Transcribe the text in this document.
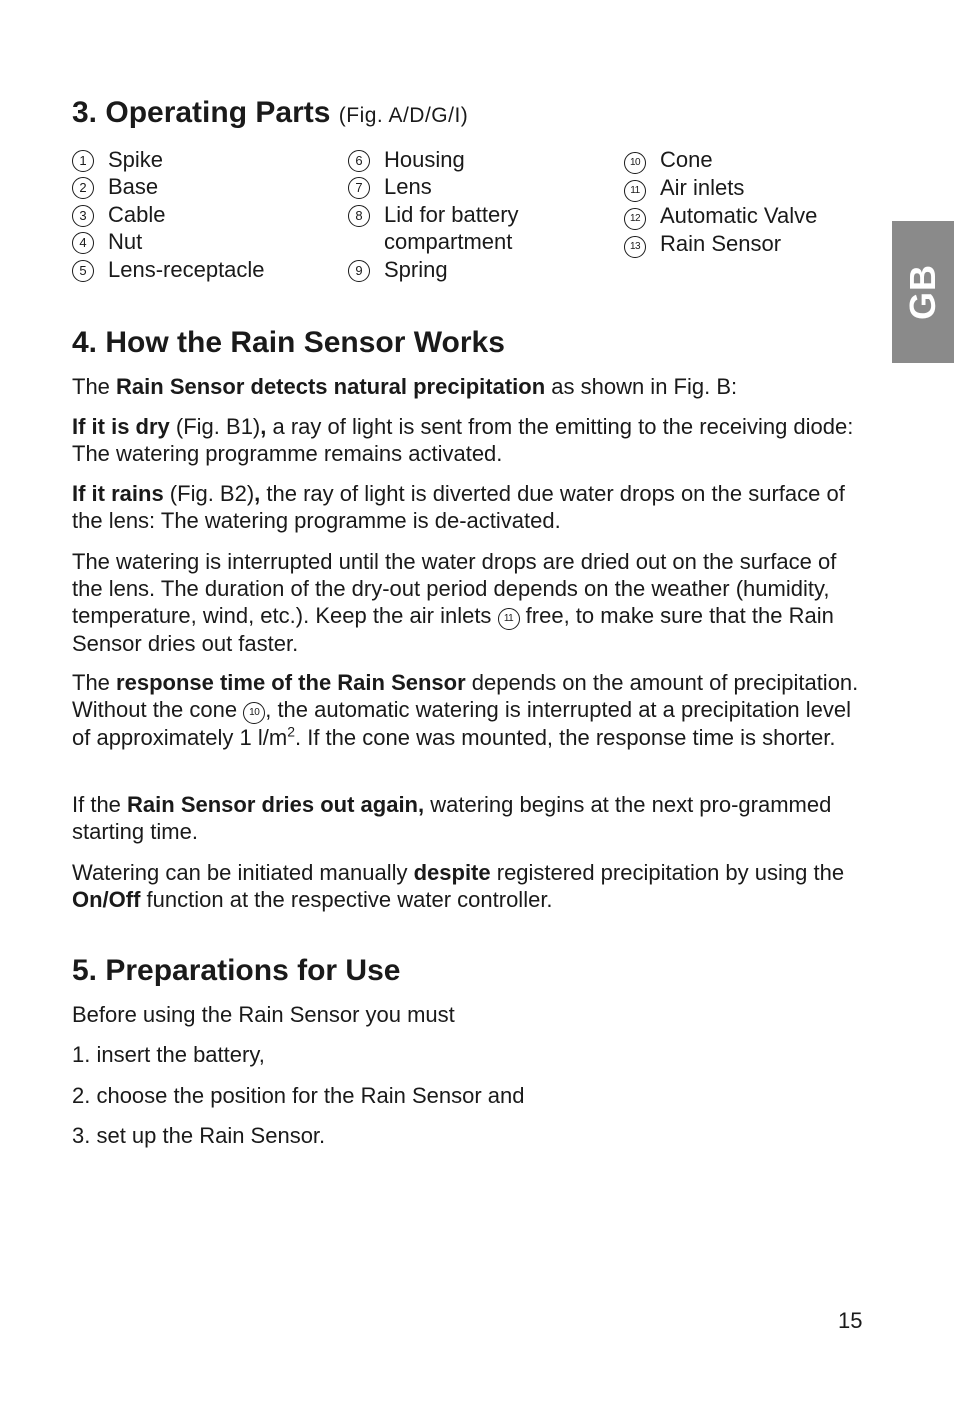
3. Operating Parts (Fig. A/D/G/I)
1 Spike
2 Base
3 Cable
4 Nut
5 Lens-receptacle
6 Housing
7 Lens
8 Lid for battery
compartment
9 Spring
10 Cone
11 Air inlets
12 Automatic Valve
13 Rain Sensor
4. How the Rain Sensor Works

The Rain Sensor detects natural precipitation as shown in Fig. B:

If it is dry (Fig. B1), a ray of light is sent from the emitting to the receiving diode: The watering programme remains activated.

If it rains (Fig. B2), the ray of light is diverted due water drops on the surface of the lens: The watering programme is de-activated.

The watering is interrupted until the water drops are dried out on the surface of the lens. The duration of the dry-out period depends on the weather (humidity, temperature, wind, etc.). Keep the air inlets 11 free, to make sure that the Rain Sensor dries out faster.

The response time of the Rain Sensor depends on the amount of precipitation. Without the cone 10 , the automatic watering is interrupted at a precipitation level of approximately 1 $l/m^2$. If the cone was mounted, the response time is shorter.

If the Rain Sensor dries out again, watering begins at the next pro-grammed starting time.

Watering can be initiated manually despite registered precipitation by using the On/Off function at the respective water controller.

5. Preparations for Use

Before using the Rain Sensor you must

1. insert the battery,

2. choose the position for the Rain Sensor and

3. set up the Rain Sensor.

GB
15
